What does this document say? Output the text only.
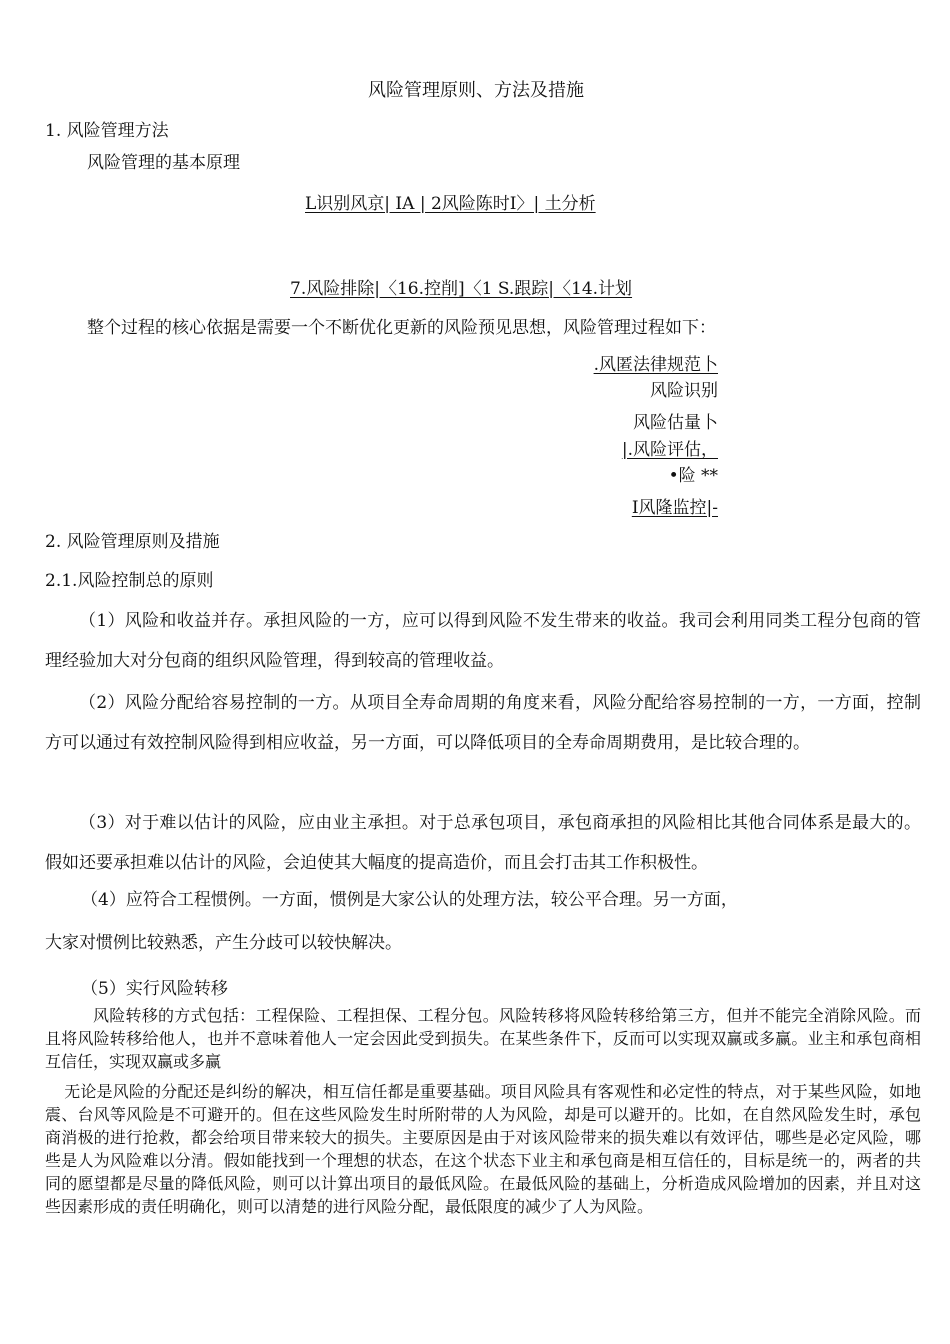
风险管理原则、方法及措施
1. 风险管理方法
风险管理的基本原理
L识别风京| IA | 2风险陈时I〉| 土分析
7.风险排除|〈16.控削]〈1 S.跟踪|〈14.计划
整个过程的核心依据是需要一个不断优化更新的风险预见思想，风险管理过程如下：
.风匿法律规范卜
风险识别
风险估量卜
|.风险评估，
•险 **
I风隆监控|-
2. 风险管理原则及措施
2.1.风险控制总的原则
（1）风险和收益并存。承担风险的一方，应可以得到风险不发生带来的收益。我司会利用同类工程分包商的管理经验加大对分包商的组织风险管理，得到较高的管理收益。
（2）风险分配给容易控制的一方。从项目全寿命周期的角度来看，风险分配给容易控制的一方，一方面，控制方可以通过有效控制风险得到相应收益，另一方面，可以降低项目的全寿命周期费用，是比较合理的。
（3）对于难以估计的风险，应由业主承担。对于总承包项目，承包商承担的风险相比其他合同体系是最大的。假如还要承担难以估计的风险，会迫使其大幅度的提高造价，而且会打击其工作积极性。
（4）应符合工程惯例。一方面，惯例是大家公认的处理方法，较公平合理。另一方面，
大家对惯例比较熟悉，产生分歧可以较快解决。
（5）实行风险转移
风险转移的方式包括：工程保险、工程担保、工程分包。风险转移将风险转移给第三方，但并不能完全消除风险。而且将风险转移给他人，也并不意味着他人一定会因此受到损失。在某些条件下，反而可以实现双赢或多赢。业主和承包商相互信任，实现双赢或多赢
无论是风险的分配还是纠纷的解决，相互信任都是重要基础。项目风险具有客观性和必定性的特点，对于某些风险，如地震、台风等风险是不可避开的。但在这些风险发生时所附带的人为风险，却是可以避开的。比如，在自然风险发生时，承包商消极的进行抢救，都会给项目带来较大的损失。主要原因是由于对该风险带来的损失难以有效评估，哪些是必定风险，哪些是人为风险难以分清。假如能找到一个理想的状态，在这个状态下业主和承包商是相互信任的，目标是统一的，两者的共同的愿望都是尽量的降低风险，则可以计算出项目的最低风险。在最低风险的基础上，分析造成风险增加的因素，并且对这些因素形成的责任明确化，则可以清楚的进行风险分配，最低限度的减少了人为风险。
